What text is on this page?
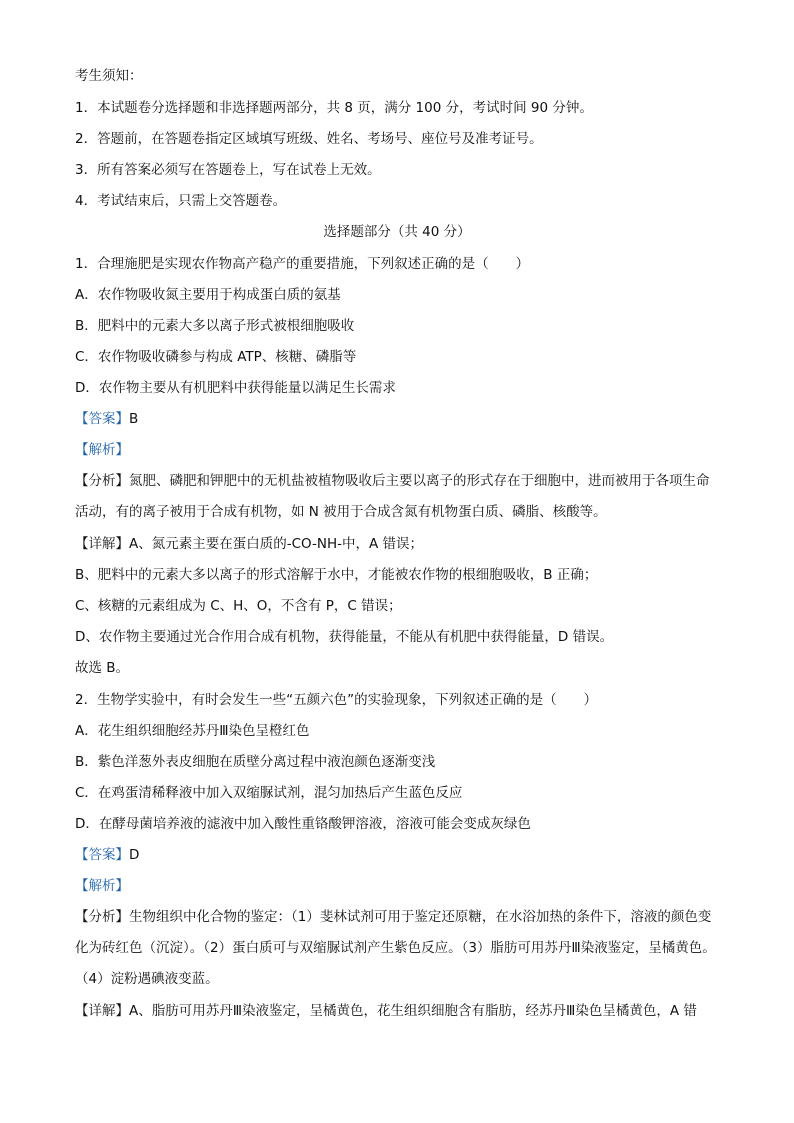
考生须知：
1．本试题卷分选择题和非选择题两部分，共 8 页，满分 100 分，考试时间 90 分钟。
2．答题前，在答题卷指定区域填写班级、姓名、考场号、座位号及准考证号。
3．所有答案必须写在答题卷上，写在试卷上无效。
4．考试结束后，只需上交答题卷。
选择题部分（共 40 分）
1．合理施肥是实现农作物高产稳产的重要措施，下列叙述正确的是（　　）
A．农作物吸收氮主要用于构成蛋白质的氨基
B．肥料中的元素大多以离子形式被根细胞吸收
C．农作物吸收磷参与构成 ATP、核糖、磷脂等
D．农作物主要从有机肥料中获得能量以满足生长需求
【答案】B
【解析】
【分析】氮肥、磷肥和钾肥中的无机盐被植物吸收后主要以离子的形式存在于细胞中，进而被用于各项生命活动，有的离子被用于合成有机物，如 N 被用于合成含氮有机物蛋白质、磷脂、核酸等。
【详解】A、氮元素主要在蛋白质的-CO-NH-中，A 错误；
B、肥料中的元素大多以离子的形式溶解于水中，才能被农作物的根细胞吸收，B 正确；
C、核糖的元素组成为 C、H、O，不含有 P，C 错误；
D、农作物主要通过光合作用合成有机物，获得能量，不能从有机肥中获得能量，D 错误。
故选 B。
2．生物学实验中，有时会发生一些“五颜六色”的实验现象，下列叙述正确的是（　　）
A．花生组织细胞经苏丹Ⅲ染色呈橙红色
B．紫色洋葱外表皮细胞在质壁分离过程中液泡颜色逐渐变浅
C．在鸡蛋清稀释液中加入双缩脲试剂，混匀加热后产生蓝色反应
D．在酵母菌培养液的滤液中加入酸性重铬酸钾溶液，溶液可能会变成灰绿色
【答案】D
【解析】
【分析】生物组织中化合物的鉴定：（1）斐林试剂可用于鉴定还原糖，在水浴加热的条件下，溶液的颜色变化为砖红色（沉淀）。（2）蛋白质可与双缩脲试剂产生紫色反应。（3）脂肪可用苏丹Ⅲ染液鉴定，呈橘黄色。（4）淀粉遇碘液变蓝。
【详解】A、脂肪可用苏丹Ⅲ染液鉴定，呈橘黄色，花生组织细胞含有脂肪，经苏丹Ⅲ染色呈橘黄色，A 错
